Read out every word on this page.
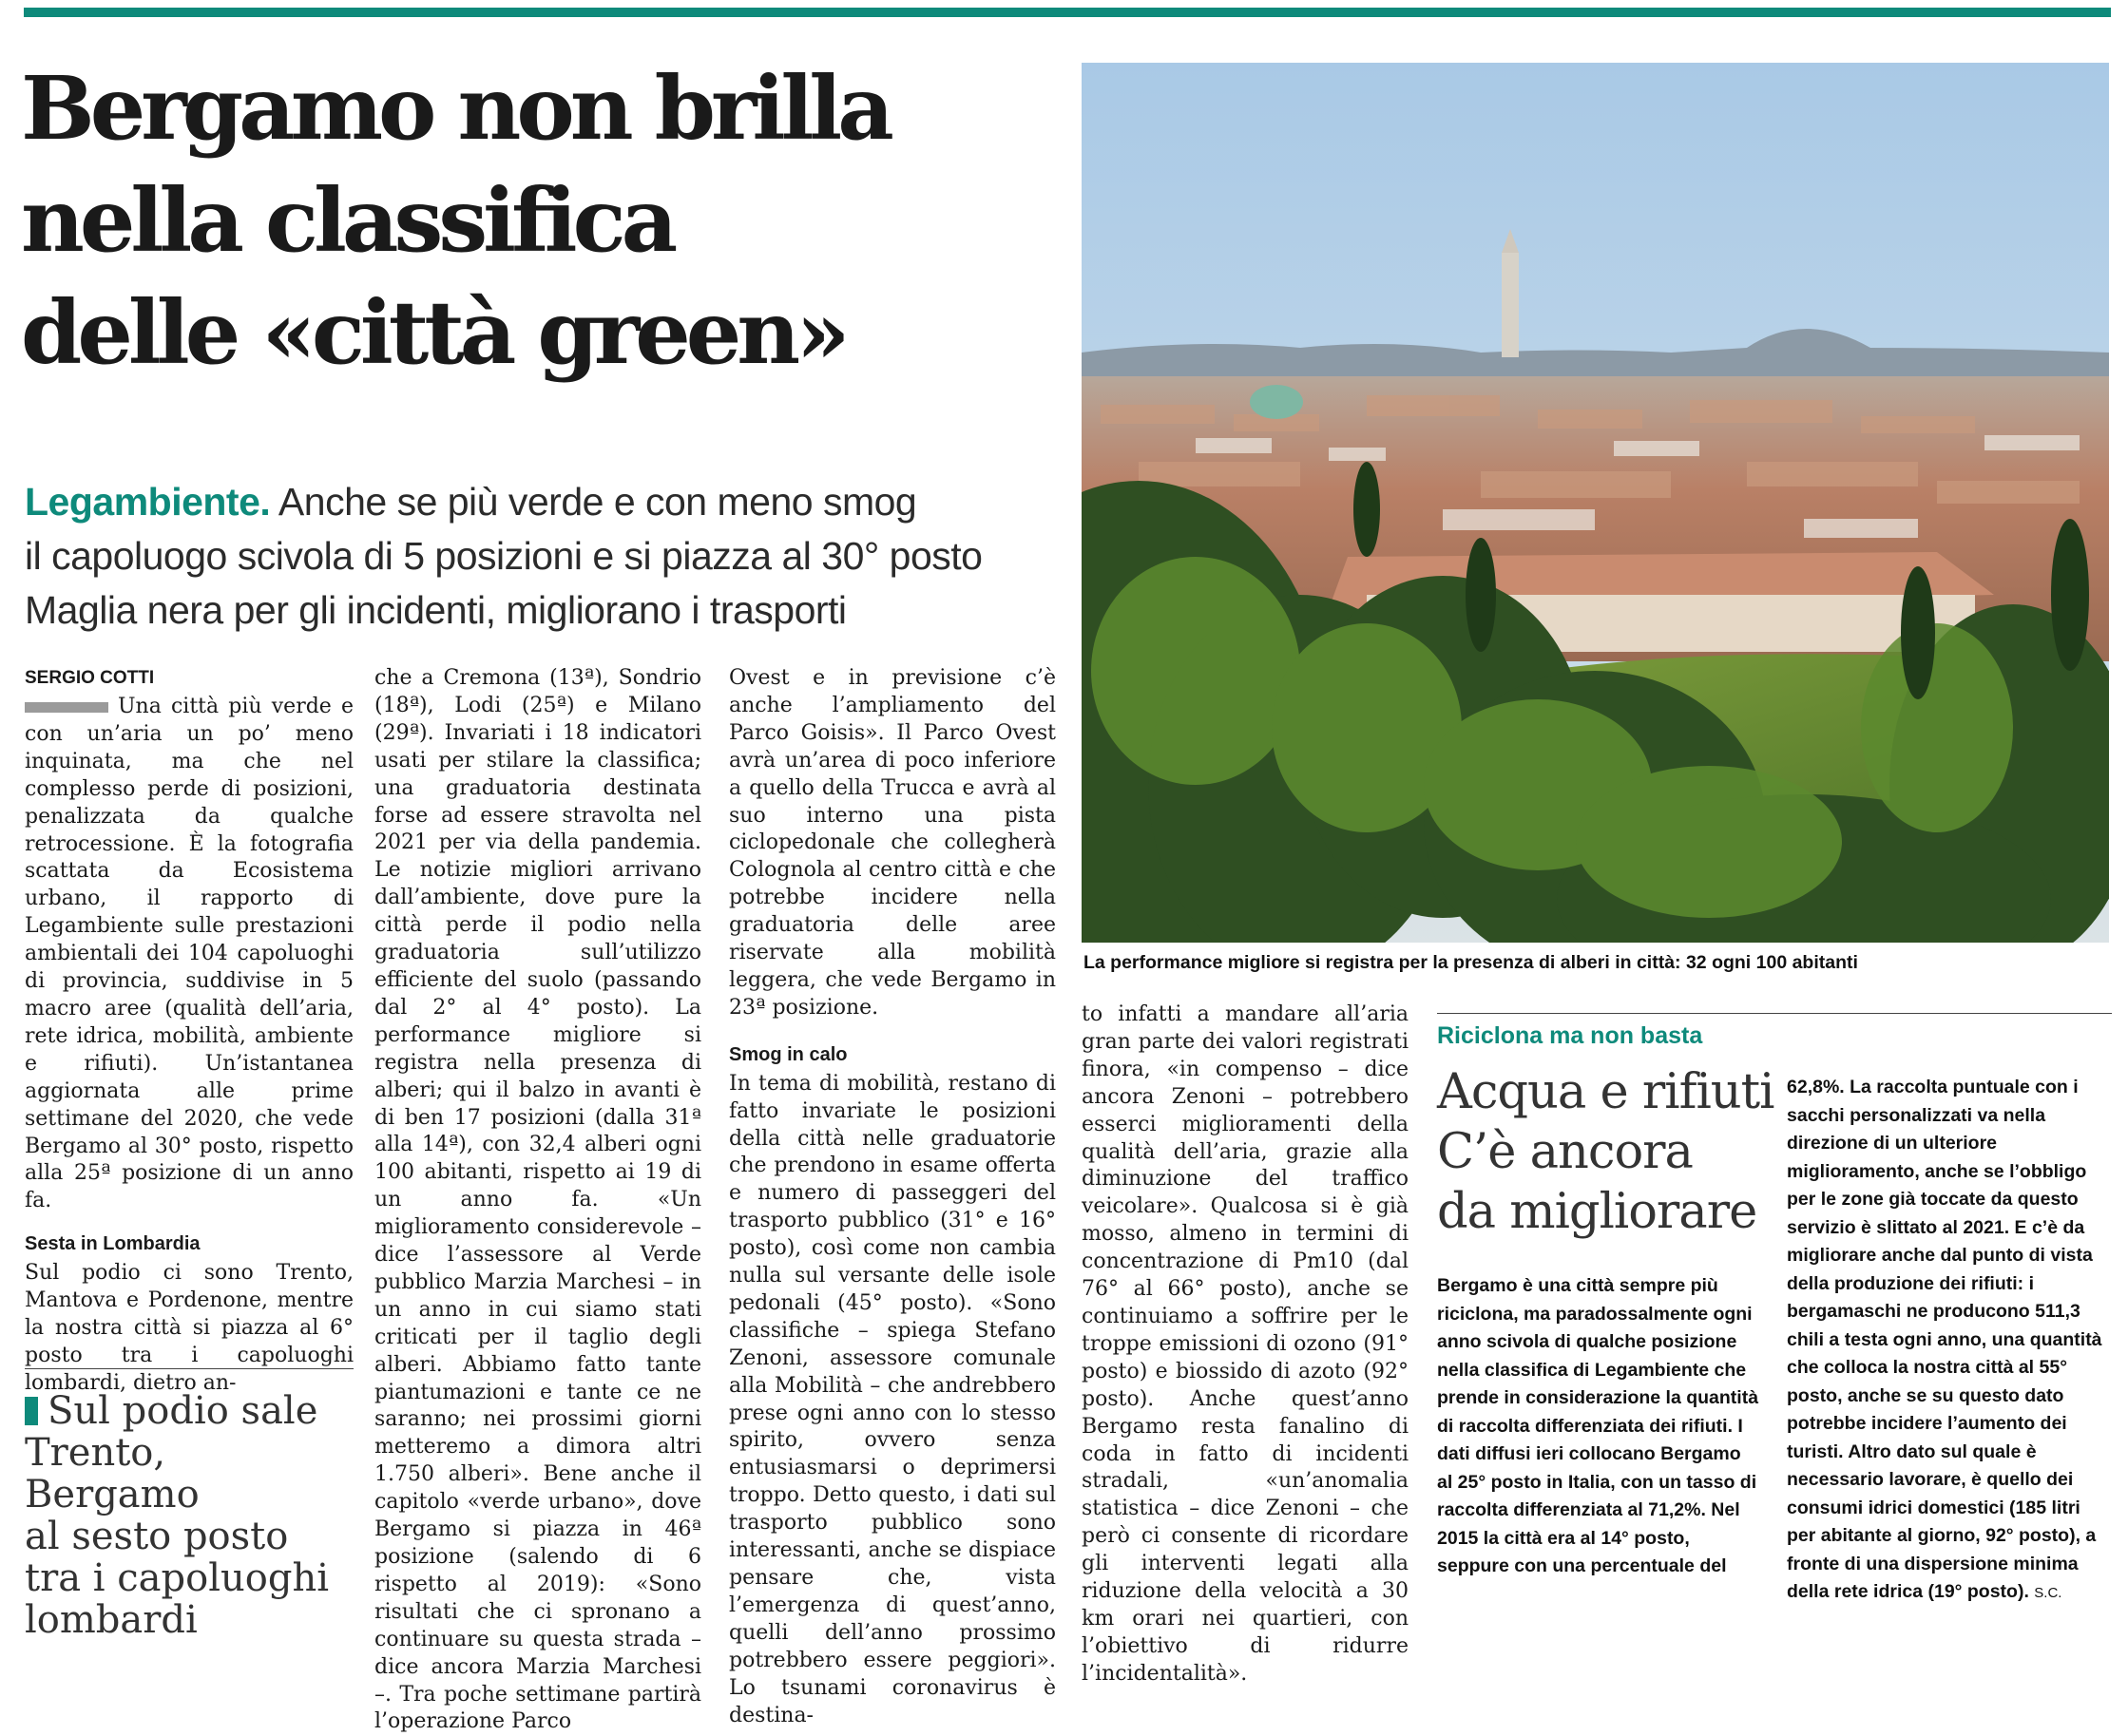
Bergamo non brilla
nella classifica
delle «città green»
Legambiente. Anche se più verde e con meno smog
il capoluogo scivola di 5 posizioni e si piazza al 30° posto
Maglia nera per gli incidenti, migliorano i trasporti
SERGIO COTTI

Una città più verde e con un’aria un po’ meno inquinata, ma che nel complesso perde di posizioni, penalizzata da qualche retrocessione. È la fotografia scattata da Ecosistema urbano, il rapporto di Legambiente sulle prestazioni ambientali dei 104 capoluoghi di provincia, suddivise in 5 macro aree (qualità dell’aria, rete idrica, mobilità, ambiente e rifiuti). Un’istantanea aggiornata alle prime settimane del 2020, che vede Bergamo al 30° posto, rispetto alla 25ª posizione di un anno fa.

Sesta in Lombardia

Sul podio ci sono Trento, Mantova e Pordenone, mentre la nostra città si piazza al 6° posto tra i capoluoghi lombardi, dietro an-

Sul podio sale
Trento, Bergamo
al sesto posto
tra i capoluoghi
lombardi

che a Cremona (13ª), Sondrio (18ª), Lodi (25ª) e Milano (29ª). Invariati i 18 indicatori usati per stilare la classifica; una graduatoria destinata forse ad essere stravolta nel 2021 per via della pandemia. Le notizie migliori arrivano dall’ambiente, dove pure la città perde il podio nella graduatoria sull’utilizzo efficiente del suolo (passando dal 2° al 4° posto). La performance migliore si registra nella presenza di alberi; qui il balzo in avanti è di ben 17 posizioni (dalla 31ª alla 14ª), con 32,4 alberi ogni 100 abitanti, rispetto ai 19 di un anno fa. «Un miglioramento considerevole – dice l’assessore al Verde pubblico Marzia Marchesi – in un anno in cui siamo stati criticati per il taglio degli alberi. Abbiamo fatto tante piantumazioni e tante ce ne saranno; nei prossimi giorni metteremo a dimora altri 1.750 alberi». Bene anche il capitolo «verde urbano», dove Bergamo si piazza in 46ª posizione (salendo di 6 rispetto al 2019): «Sono risultati che ci spronano a continuare su questa strada – dice ancora Marzia Marchesi –. Tra poche settimane partirà l’operazione Parco

Ovest e in previsione c’è anche l’ampliamento del Parco Goisis». Il Parco Ovest avrà un’area di poco inferiore a quello della Trucca e avrà al suo interno una pista ciclopedonale che collegherà Colognola al centro città e che potrebbe incidere nella graduatoria delle aree riservate alla mobilità leggera, che vede Bergamo in 23ª posizione.

Smog in calo

In tema di mobilità, restano di fatto invariate le posizioni della città nelle graduatorie che prendono in esame offerta e numero di passeggeri del trasporto pubblico (31° e 16° posto), così come non cambia nulla sul versante delle isole pedonali (45° posto). «Sono classifiche – spiega Stefano Zenoni, assessore comunale alla Mobilità – che andrebbero prese ogni anno con lo stesso spirito, ovvero senza entusiasmarsi o deprimersi troppo. Detto questo, i dati sul trasporto pubblico sono interessanti, anche se dispiace pensare che, vista l’emergenza di quest’anno, quelli dell’anno prossimo potrebbero essere peggiori». Lo tsunami coronavirus è destina-

to infatti a mandare all’aria gran parte dei valori registrati finora, «in compenso – dice ancora Zenoni – potrebbero esserci miglioramenti della qualità dell’aria, grazie alla diminuzione del traffico veicolare». Qualcosa si è già mosso, almeno in termini di concentrazione di Pm10 (dal 76° al 66° posto), anche se continuiamo a soffrire per le troppe emissioni di ozono (91° posto) e biossido di azoto (92° posto). Anche quest’anno Bergamo resta fanalino di coda in fatto di incidenti stradali, «un’anomalia statistica – dice Zenoni – che però ci consente di ricordare gli interventi legati alla riduzione della velocità a 30 km orari nei quartieri, con l’obiettivo di ridurre l’incidentalità».

La performance migliore si registra per la presenza di alberi in città: 32 ogni 100 abitanti
Riciclona ma non basta
Acqua e rifiuti
C’è ancora
da migliorare
Bergamo è una città sempre più riciclona, ma paradossalmente ogni anno scivola di qualche posizione nella classifica di Legambiente che prende in considerazione la quantità di raccolta differenziata dei rifiuti. I dati diffusi ieri collocano Bergamo al 25° posto in Italia, con un tasso di raccolta differenziata al 71,2%. Nel 2015 la città era al 14° posto, seppure con una percentuale del
62,8%. La raccolta puntuale con i sacchi personalizzati va nella direzione di un ulteriore miglioramento, anche se l’obbligo per le zone già toccate da questo servizio è slittato al 2021. E c’è da migliorare anche dal punto di vista della produzione dei rifiuti: i bergamaschi ne producono 511,3 chili a testa ogni anno, una quantità che colloca la nostra città al 55° posto, anche se su questo dato potrebbe incidere l’aumento dei turisti. Altro dato sul quale è necessario lavorare, è quello dei consumi idrici domestici (185 litri per abitante al giorno, 92° posto), a fronte di una dispersione minima della rete idrica (19° posto). S.C.
